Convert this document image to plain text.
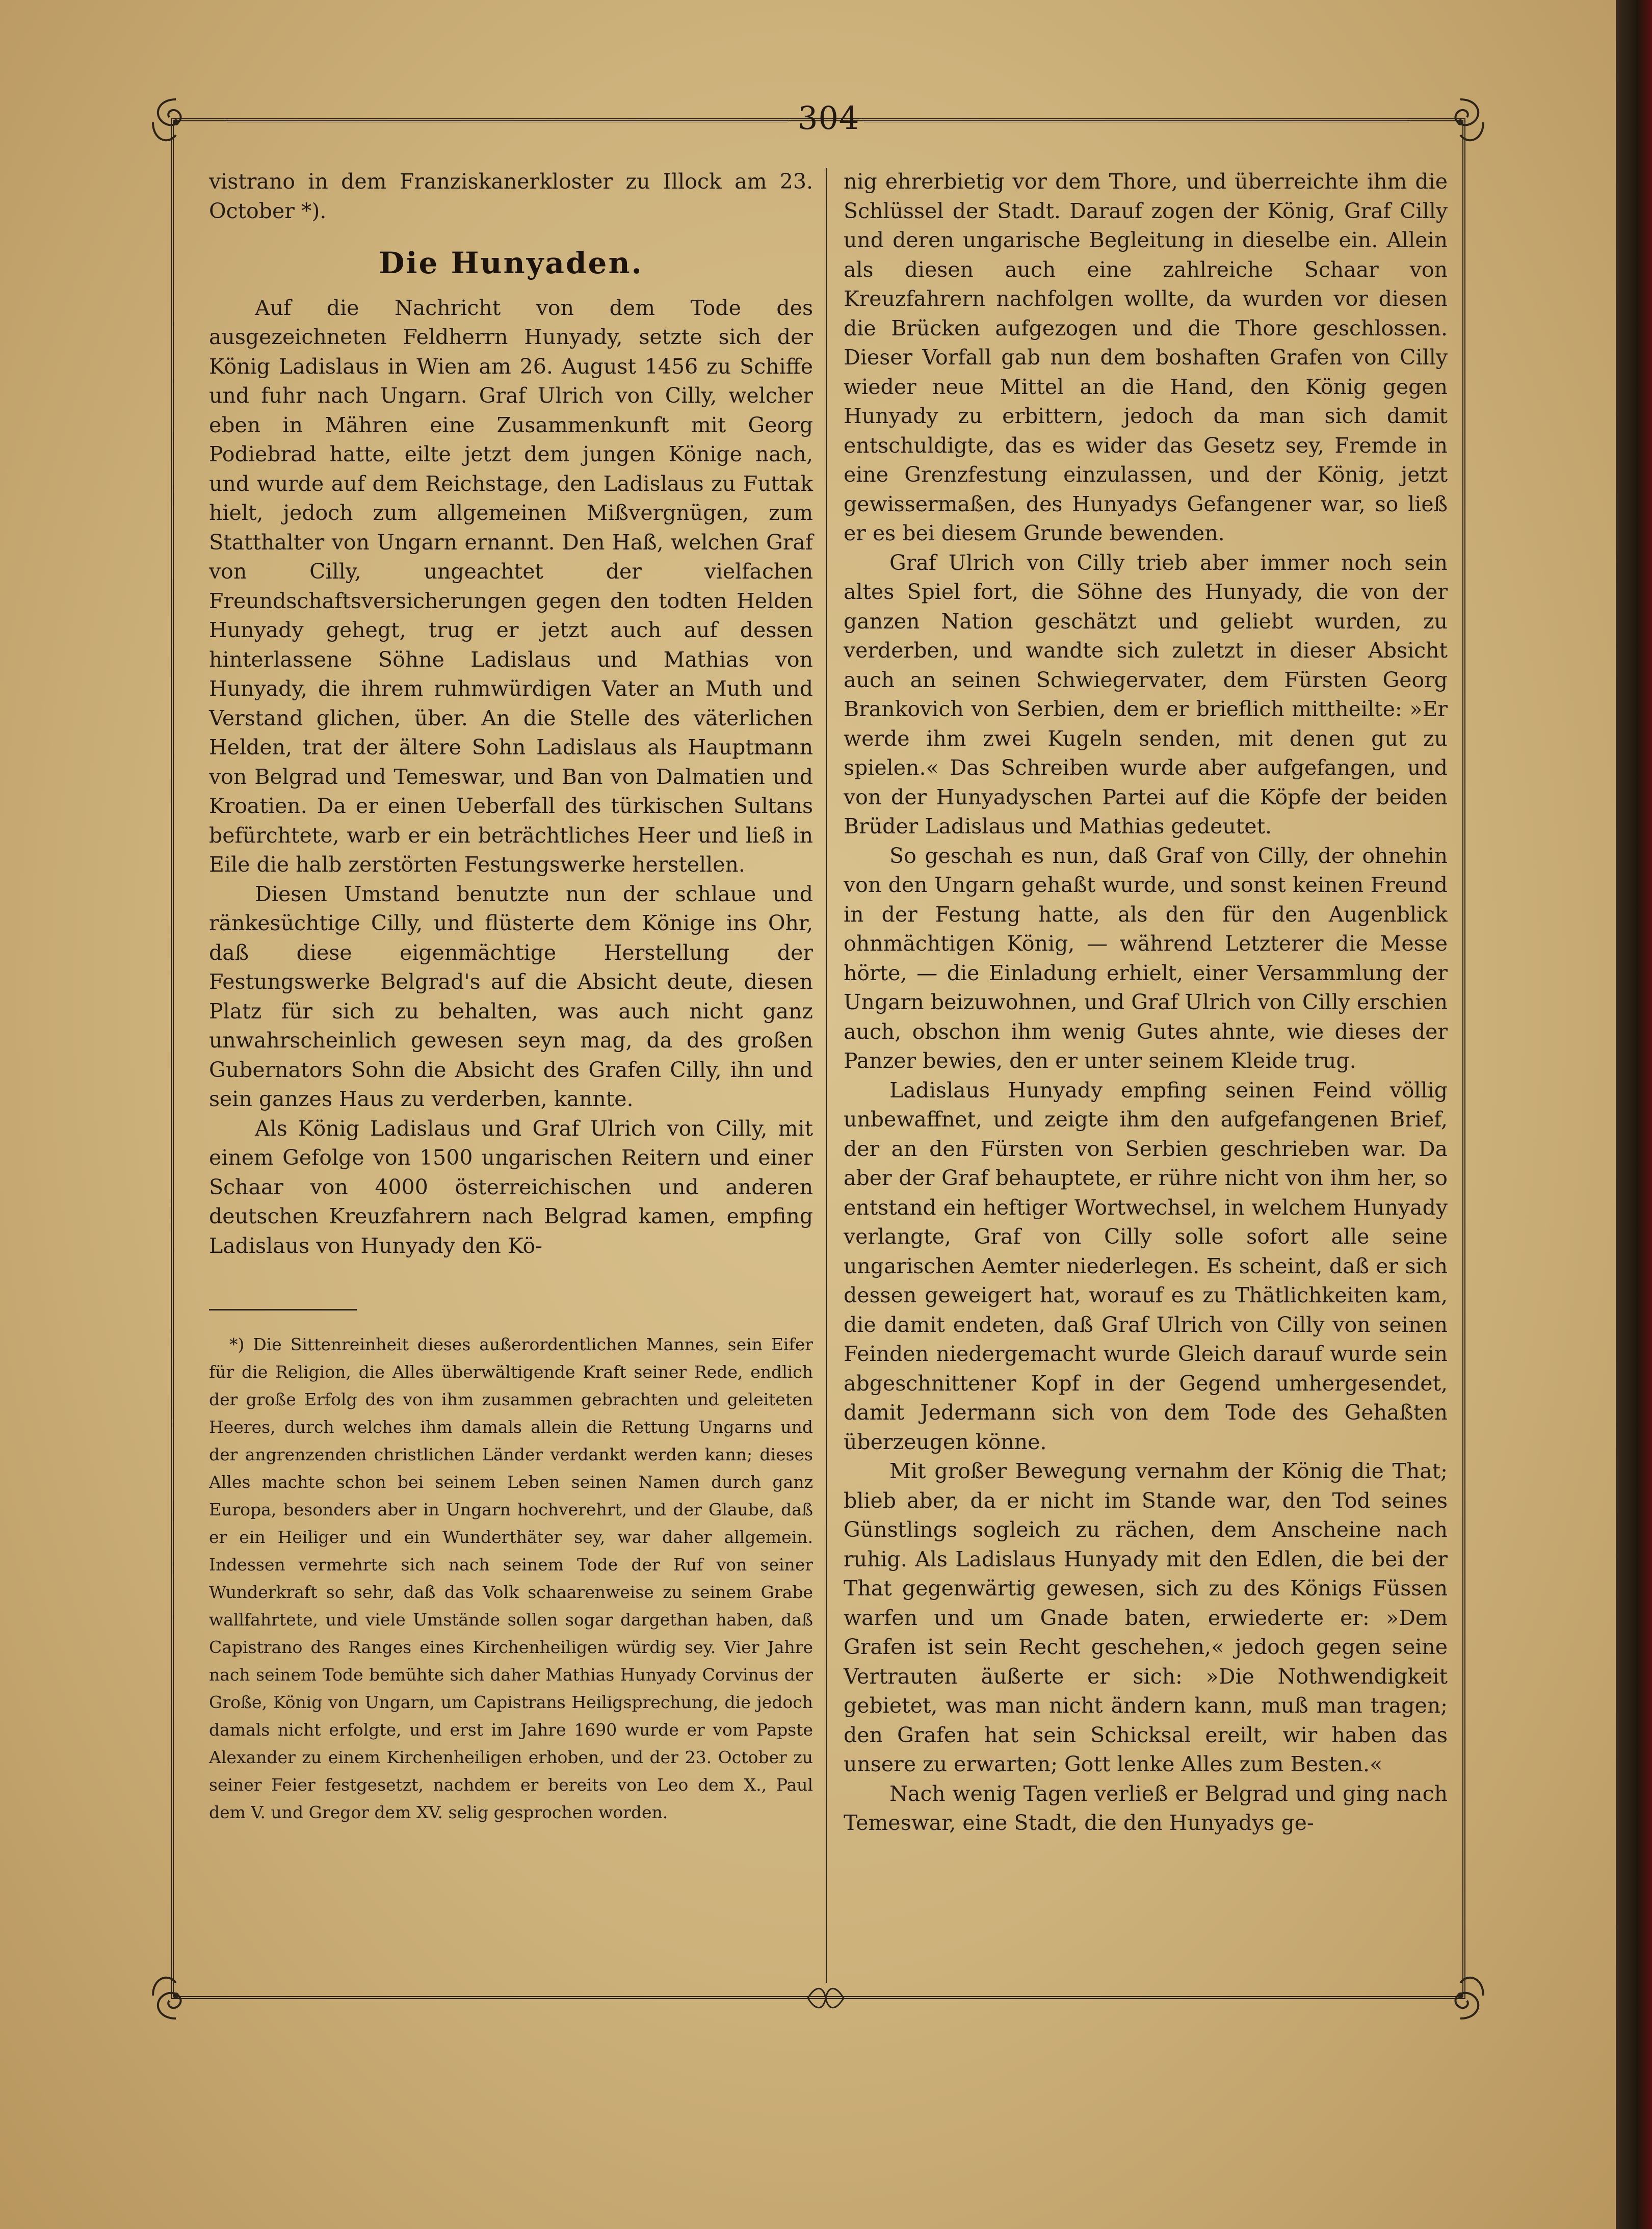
304

vistrano in dem Franziskanerkloster zu Illock am 23. October *).

Die Hunyaden.

Auf die Nachricht von dem Tode des ausgezeichneten Feldherrn Hunyady, setzte sich der König Ladislaus in Wien am 26. August 1456 zu Schiffe und fuhr nach Ungarn. Graf Ulrich von Cilly, welcher eben in Mähren eine Zusammenkunft mit Georg Podiebrad hatte, eilte jetzt dem jungen Könige nach, und wurde auf dem Reichstage, den Ladislaus zu Futtak hielt, jedoch zum allgemeinen Mißvergnügen, zum Statthalter von Ungarn ernannt. Den Haß, welchen Graf von Cilly, ungeachtet der vielfachen Freundschaftsversicherungen gegen den todten Helden Hunyady gehegt, trug er jetzt auch auf dessen hinterlassene Söhne Ladislaus und Mathias von Hunyady, die ihrem ruhmwürdigen Vater an Muth und Verstand glichen, über. An die Stelle des väterlichen Helden, trat der ältere Sohn Ladislaus als Hauptmann von Belgrad und Temeswar, und Ban von Dalmatien und Kroatien. Da er einen Ueberfall des türkischen Sultans befürchtete, warb er ein beträchtliches Heer und ließ in Eile die halb zerstörten Festungswerke herstellen.

Diesen Umstand benutzte nun der schlaue und ränkesüchtige Cilly, und flüsterte dem Könige ins Ohr, daß diese eigenmächtige Herstellung der Festungswerke Belgrad's auf die Absicht deute, diesen Platz für sich zu behalten, was auch nicht ganz unwahrscheinlich gewesen seyn mag, da des großen Gubernators Sohn die Absicht des Grafen Cilly, ihn und sein ganzes Haus zu verderben, kannte.

Als König Ladislaus und Graf Ulrich von Cilly, mit einem Gefolge von 1500 ungarischen Reitern und einer Schaar von 4000 österreichischen und anderen deutschen Kreuzfahrern nach Belgrad kamen, empfing Ladislaus von Hunyady den Kö-

*) Die Sittenreinheit dieses außerordentlichen Mannes, sein Eifer für die Religion, die Alles überwältigende Kraft seiner Rede, endlich der große Erfolg des von ihm zusammen gebrachten und geleiteten Heeres, durch welches ihm damals allein die Rettung Ungarns und der angrenzenden christlichen Länder verdankt werden kann; dieses Alles machte schon bei seinem Leben seinen Namen durch ganz Europa, besonders aber in Ungarn hochverehrt, und der Glaube, daß er ein Heiliger und ein Wunderthäter sey, war daher allgemein. Indessen vermehrte sich nach seinem Tode der Ruf von seiner Wunderkraft so sehr, daß das Volk schaarenweise zu seinem Grabe wallfahrtete, und viele Umstände sollen sogar dargethan haben, daß Capistrano des Ranges eines Kirchenheiligen würdig sey. Vier Jahre nach seinem Tode bemühte sich daher Mathias Hunyady Corvinus der Große, König von Ungarn, um Capistrans Heiligsprechung, die jedoch damals nicht erfolgte, und erst im Jahre 1690 wurde er vom Papste Alexander zu einem Kirchenheiligen erhoben, und der 23. October zu seiner Feier festgesetzt, nachdem er bereits von Leo dem X., Paul dem V. und Gregor dem XV. selig gesprochen worden.

nig ehrerbietig vor dem Thore, und überreichte ihm die Schlüssel der Stadt. Darauf zogen der König, Graf Cilly und deren ungarische Begleitung in dieselbe ein. Allein als diesen auch eine zahlreiche Schaar von Kreuzfahrern nachfolgen wollte, da wurden vor diesen die Brücken aufgezogen und die Thore geschlossen. Dieser Vorfall gab nun dem boshaften Grafen von Cilly wieder neue Mittel an die Hand, den König gegen Hunyady zu erbittern, jedoch da man sich damit entschuldigte, das es wider das Gesetz sey, Fremde in eine Grenzfestung einzulassen, und der König, jetzt gewissermaßen, des Hunyadys Gefangener war, so ließ er es bei diesem Grunde bewenden.

Graf Ulrich von Cilly trieb aber immer noch sein altes Spiel fort, die Söhne des Hunyady, die von der ganzen Nation geschätzt und geliebt wurden, zu verderben, und wandte sich zuletzt in dieser Absicht auch an seinen Schwiegervater, dem Fürsten Georg Brankovich von Serbien, dem er brieflich mittheilte: »Er werde ihm zwei Kugeln senden, mit denen gut zu spielen.« Das Schreiben wurde aber aufgefangen, und von der Hunyadyschen Partei auf die Köpfe der beiden Brüder Ladislaus und Mathias gedeutet.

So geschah es nun, daß Graf von Cilly, der ohnehin von den Ungarn gehaßt wurde, und sonst keinen Freund in der Festung hatte, als den für den Augenblick ohnmächtigen König, — während Letzterer die Messe hörte, — die Einladung erhielt, einer Versammlung der Ungarn beizuwohnen, und Graf Ulrich von Cilly erschien auch, obschon ihm wenig Gutes ahnte, wie dieses der Panzer bewies, den er unter seinem Kleide trug.

Ladislaus Hunyady empfing seinen Feind völlig unbewaffnet, und zeigte ihm den aufgefangenen Brief, der an den Fürsten von Serbien geschrieben war. Da aber der Graf behauptete, er rühre nicht von ihm her, so entstand ein heftiger Wortwechsel, in welchem Hunyady verlangte, Graf von Cilly solle sofort alle seine ungarischen Aemter niederlegen. Es scheint, daß er sich dessen geweigert hat, worauf es zu Thätlichkeiten kam, die damit endeten, daß Graf Ulrich von Cilly von seinen Feinden niedergemacht wurde Gleich darauf wurde sein abgeschnittener Kopf in der Gegend umhergesendet, damit Jedermann sich von dem Tode des Gehaßten überzeugen könne.

Mit großer Bewegung vernahm der König die That; blieb aber, da er nicht im Stande war, den Tod seines Günstlings sogleich zu rächen, dem Anscheine nach ruhig. Als Ladislaus Hunyady mit den Edlen, die bei der That gegenwärtig gewesen, sich zu des Königs Füssen warfen und um Gnade baten, erwiederte er: »Dem Grafen ist sein Recht geschehen,« jedoch gegen seine Vertrauten äußerte er sich: »Die Nothwendigkeit gebietet, was man nicht ändern kann, muß man tragen; den Grafen hat sein Schicksal ereilt, wir haben das unsere zu erwarten; Gott lenke Alles zum Besten.«

Nach wenig Tagen verließ er Belgrad und ging nach Temeswar, eine Stadt, die den Hunyadys ge-
